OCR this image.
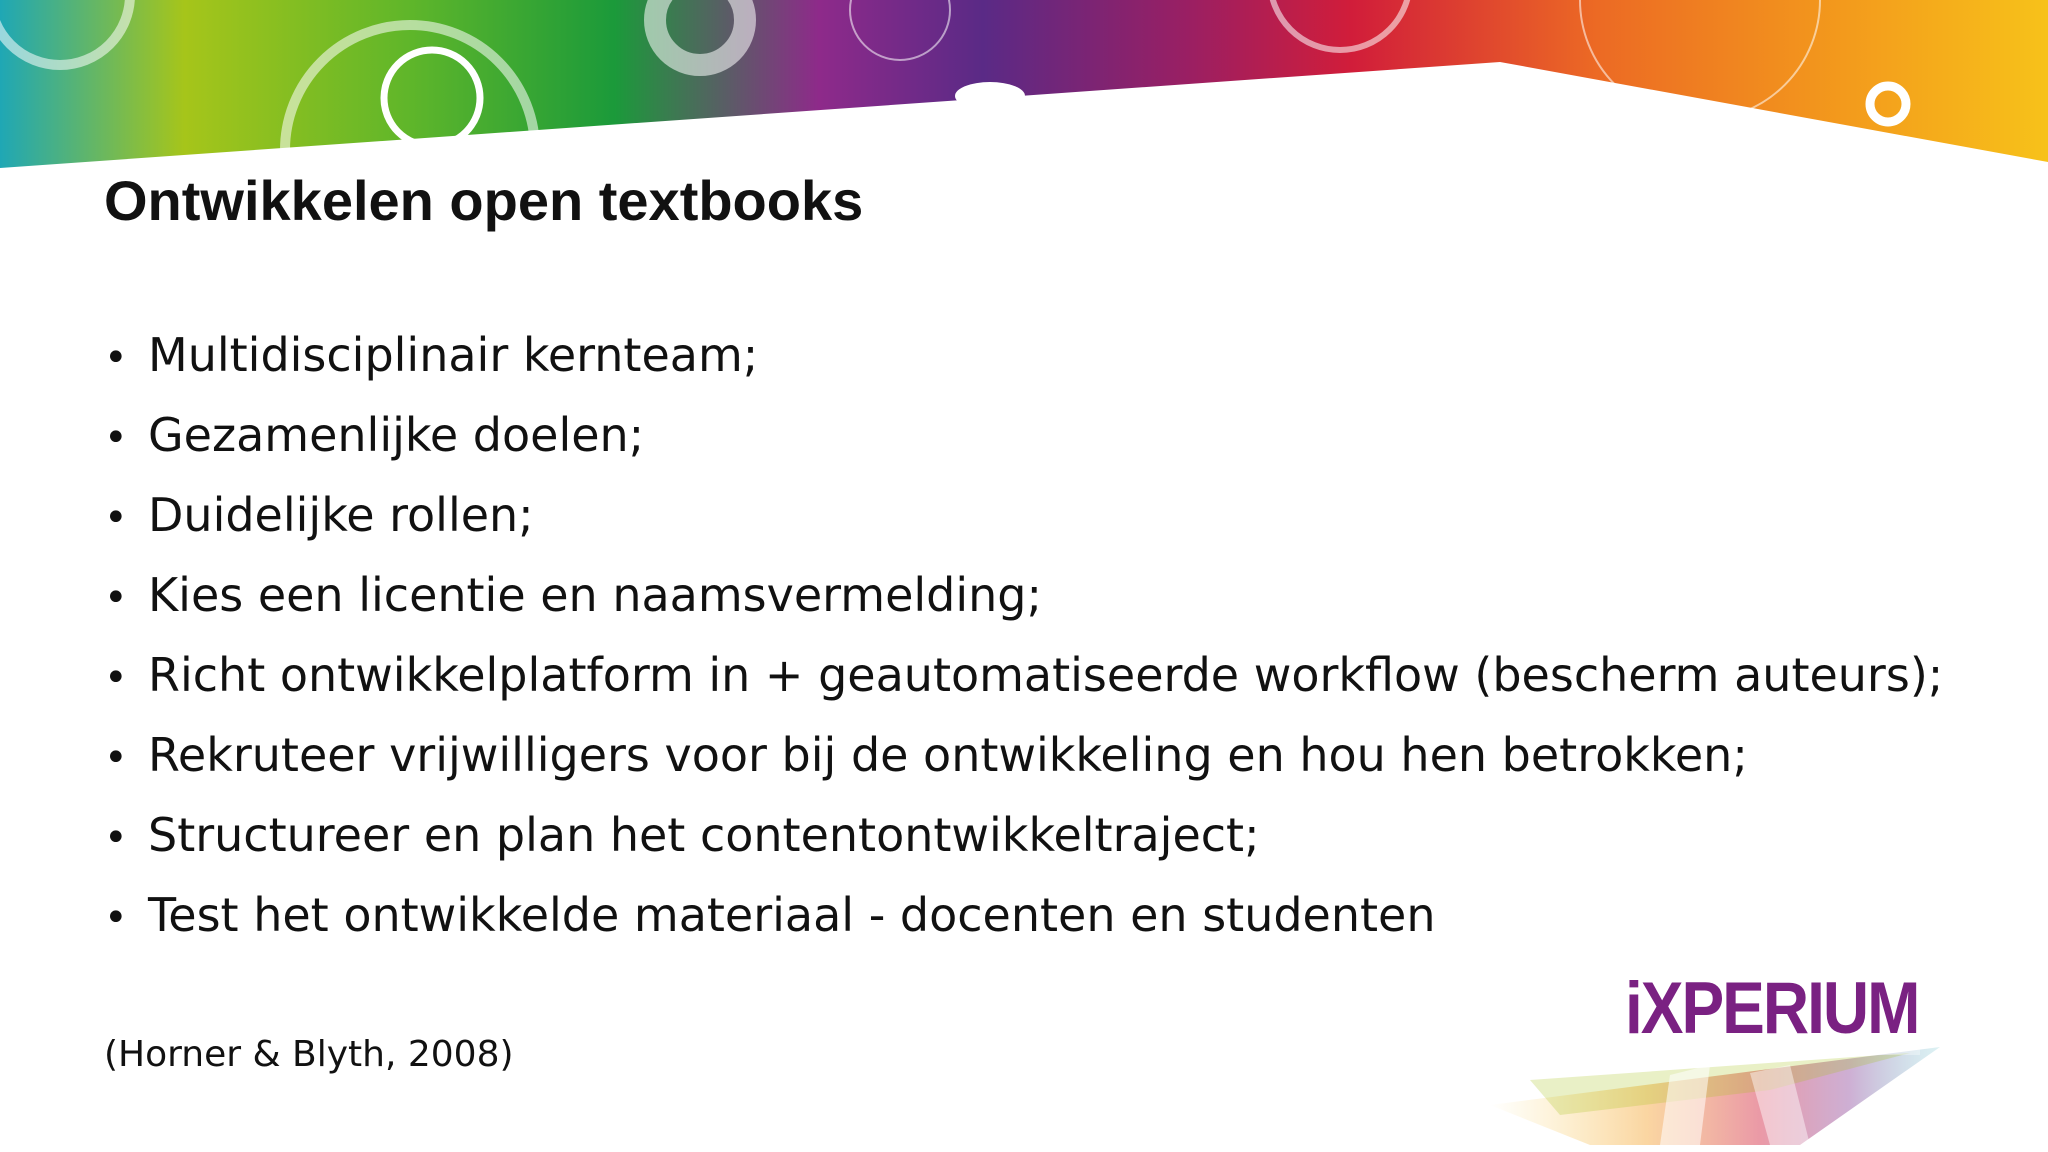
Ontwikkelen open textbooks
• Multidisciplinair kernteam;
• Gezamenlijke doelen;
• Duidelijke rollen;
• Kies een licentie en naamsvermelding;
• Richt ontwikkelplatform in + geautomatiseerde workflow (bescherm auteurs);
• Rekruteer vrijwilligers voor bij de ontwikkeling en hou hen betrokken;
• Structureer en plan het contentontwikkeltraject;
• Test het ontwikkelde materiaal - docenten en studenten
(Horner & Blyth, 2008)
iXPERIUM
